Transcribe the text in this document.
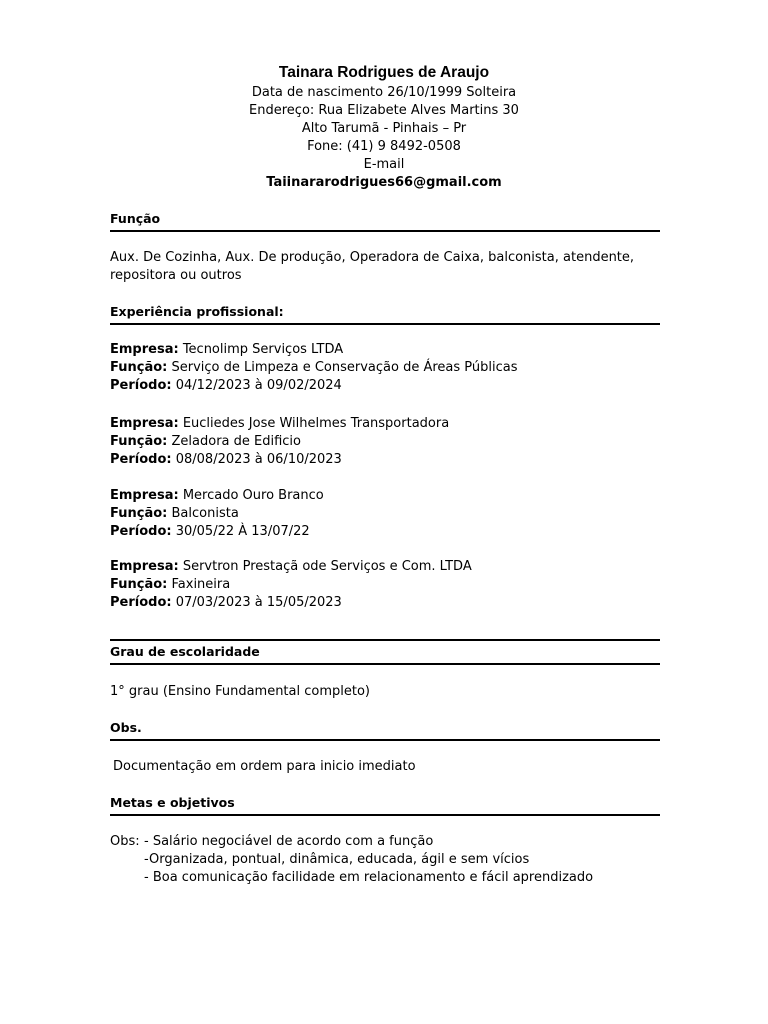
Tainara Rodrigues de Araujo
Data de nascimento 26/10/1999 Solteira
Endereço: Rua Elizabete Alves Martins 30
Alto Tarumã - Pinhais – Pr
Fone: (41) 9 8492-0508
E-mail
Taiinararodrigues66@gmail.com
Função
Aux. De Cozinha, Aux. De produção, Operadora de Caixa, balconista, atendente, repositora ou outros
Experiência profissional:
Empresa: Tecnolimp Serviços LTDA
Função: Serviço de Limpeza e Conservação de Áreas Públicas
Período: 04/12/2023 à 09/02/2024
Empresa: Eucliedes Jose Wilhelmes Transportadora
Função: Zeladora de Edificio
Período: 08/08/2023 à 06/10/2023
Empresa: Mercado Ouro Branco
Função: Balconista
Período: 30/05/22 À 13/07/22
Empresa: Servtron Prestaçã ode Serviços e Com. LTDA
Função: Faxineira
Período: 07/03/2023 à 15/05/2023
Grau de escolaridade
1° grau (Ensino Fundamental completo)
Obs.
Documentação em ordem para inicio imediato
Metas e objetivos
Obs: - Salário negociável de acordo com a função
-Organizada, pontual, dinâmica, educada, ágil e sem vícios
- Boa comunicação facilidade em relacionamento e fácil aprendizado
